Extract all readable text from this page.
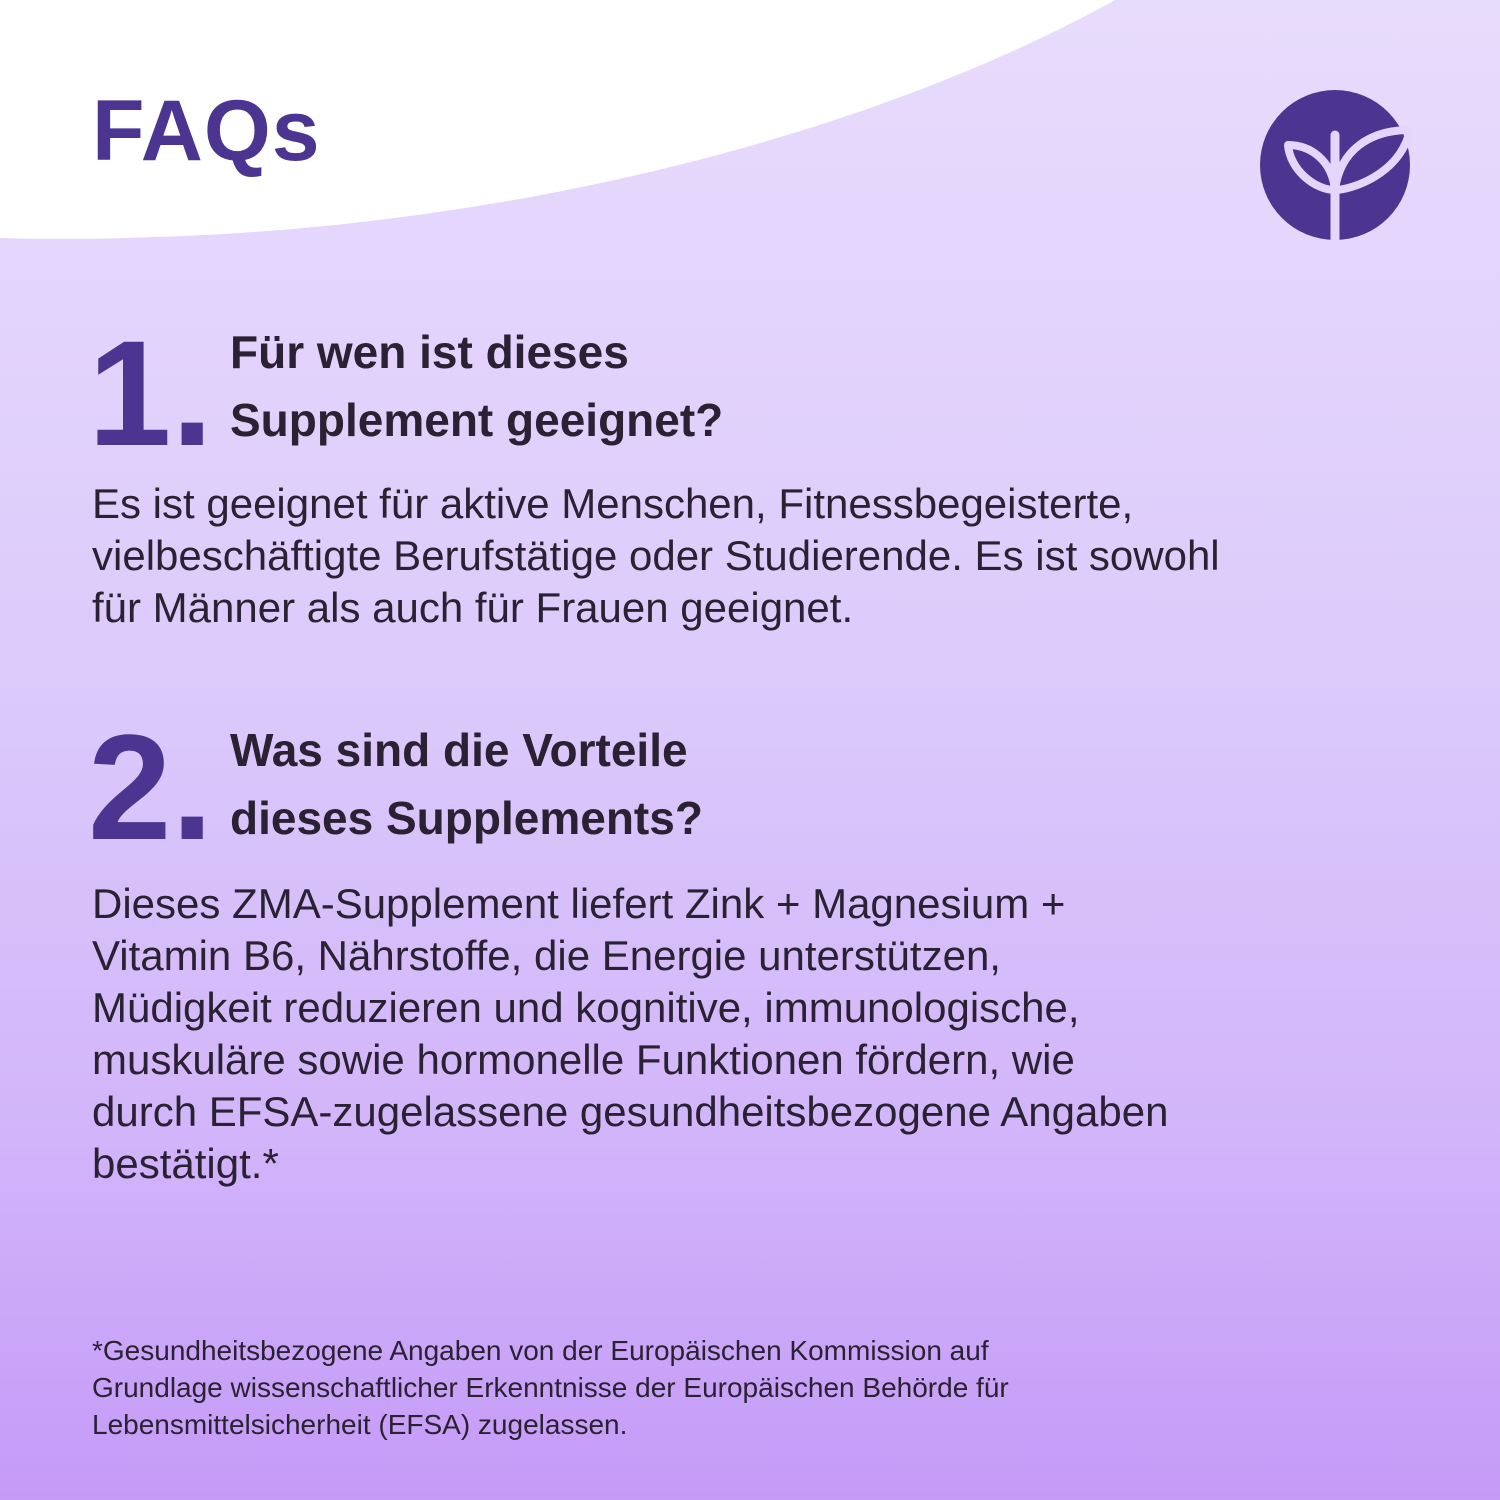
FAQs
1. Für wen ist dieses
Supplement geeignet?
Es ist geeignet für aktive Menschen, Fitnessbegeisterte,
vielbeschäftigte Berufstätige oder Studierende. Es ist sowohl
für Männer als auch für Frauen geeignet.
2. Was sind die Vorteile
dieses Supplements?
Dieses ZMA-Supplement liefert Zink + Magnesium +
Vitamin B6, Nährstoffe, die Energie unterstützen,
Müdigkeit reduzieren und kognitive, immunologische,
muskuläre sowie hormonelle Funktionen fördern, wie
durch EFSA-zugelassene gesundheitsbezogene Angaben
bestätigt.*
*Gesundheitsbezogene Angaben von der Europäischen Kommission auf
Grundlage wissenschaftlicher Erkenntnisse der Europäischen Behörde für
Lebensmittelsicherheit (EFSA) zugelassen.
